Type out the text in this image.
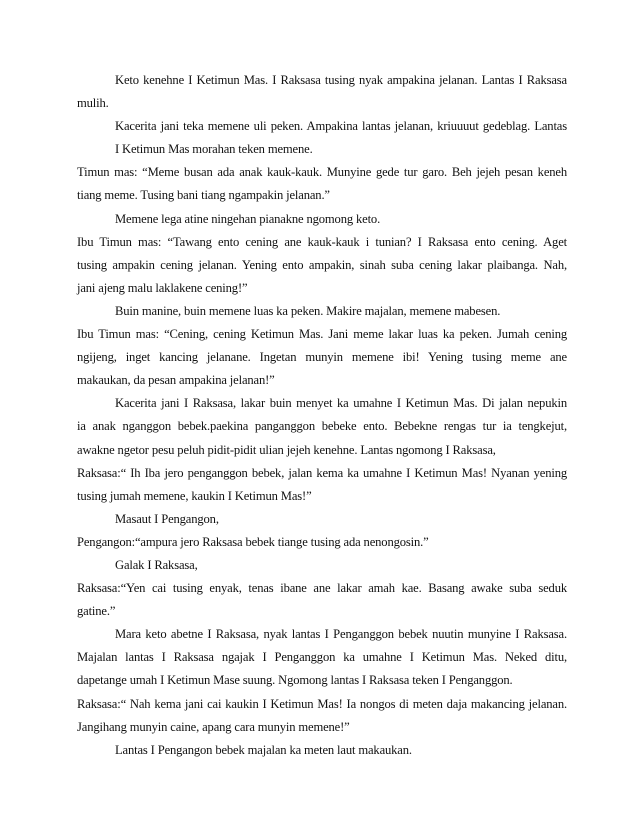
Keto kenehne I Ketimun Mas. I Raksasa tusing nyak ampakina jelanan. Lantas I Raksasa
mulih.
Kacerita jani teka memene uli peken. Ampakina lantas jelanan, kriuuuut gedeblag. Lantas
I Ketimun Mas morahan teken memene.
Timun mas: “Meme busan ada anak kauk-kauk. Munyine gede tur garo. Beh jejeh pesan keneh
tiang meme. Tusing bani tiang ngampakin jelanan.”
Memene lega atine ningehan pianakne ngomong keto.
Ibu Timun mas: “Tawang ento cening ane kauk-kauk i tunian? I Raksasa ento cening. Aget
tusing ampakin cening jelanan. Yening ento ampakin, sinah suba cening lakar plaibanga. Nah,
jani ajeng malu laklakene cening!”
Buin manine, buin memene luas ka peken. Makire majalan, memene mabesen.
Ibu Timun mas: “Cening, cening Ketimun Mas. Jani meme lakar luas ka peken. Jumah cening
ngijeng, inget kancing jelanane. Ingetan munyin memene ibi! Yening tusing meme ane
makaukan, da pesan ampakina jelanan!”
Kacerita jani I Raksasa, lakar buin menyet ka umahne I Ketimun Mas. Di jalan nepukin
ia anak nganggon bebek.paekina panganggon bebeke ento. Bebekne rengas tur ia tengkejut,
awakne ngetor pesu peluh pidit-pidit ulian jejeh kenehne. Lantas ngomong I Raksasa,
Raksasa:“ Ih Iba jero penganggon bebek, jalan kema ka umahne I Ketimun Mas! Nyanan yening
tusing jumah memene, kaukin I Ketimun Mas!”
Masaut I Pengangon,
Pengangon:“ampura jero Raksasa bebek tiange tusing ada nenongosin.”
Galak I Raksasa,
Raksasa:“Yen cai tusing enyak, tenas ibane ane lakar amah kae. Basang awake suba seduk
gatine.”
Mara keto abetne I Raksasa, nyak lantas I Penganggon bebek nuutin munyine I Raksasa.
Majalan lantas I Raksasa ngajak I Penganggon ka umahne I Ketimun Mas. Neked ditu,
dapetange umah I Ketimun Mase suung. Ngomong lantas I Raksasa teken I Penganggon.
Raksasa:“ Nah kema jani cai kaukin I Ketimun Mas! Ia nongos di meten daja makancing jelanan.
Jangihang munyin caine, apang cara munyin memene!”
Lantas I Pengangon bebek majalan ka meten laut makaukan.
